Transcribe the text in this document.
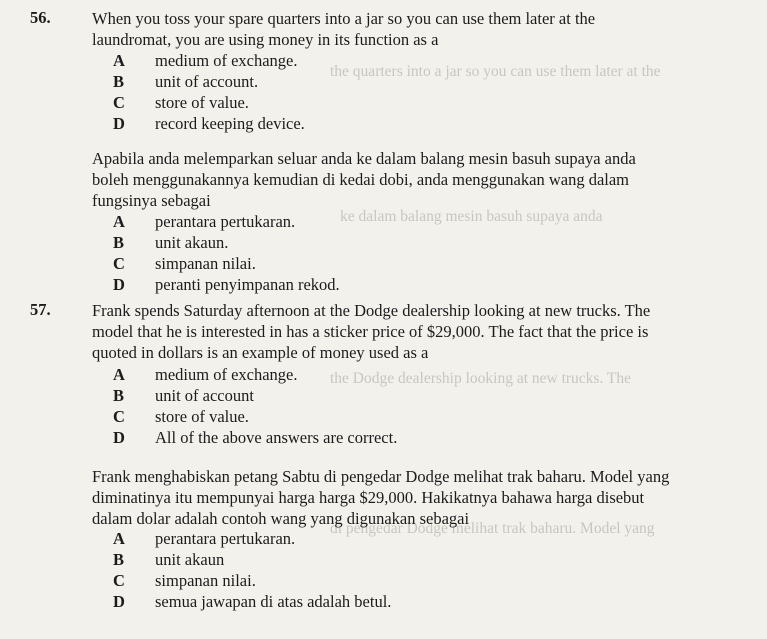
the quarters into a jar so you can use them later at the
ke dalam balang mesin basuh supaya anda
the Dodge dealership looking at new trucks. The
di pengedar Dodge melihat trak baharu. Model yang
56.	When you toss your spare quarters into a jar so you can use them later at the
laundromat, you are using money in its function as a
A medium of exchange.
B unit of account.
C store of value.
D record keeping device.
Apabila anda melemparkan seluar anda ke dalam balang mesin basuh supaya anda
boleh menggunakannya kemudian di kedai dobi, anda menggunakan wang dalam
fungsinya sebagai
A perantara pertukaran.
B unit akaun.
C simpanan nilai.
D peranti penyimpanan rekod.
57.	Frank spends Saturday afternoon at the Dodge dealership looking at new trucks. The
model that he is interested in has a sticker price of $29,000. The fact that the price is
quoted in dollars is an example of money used as a
A medium of exchange.
B unit of account
C store of value.
D All of the above answers are correct.
Frank menghabiskan petang Sabtu di pengedar Dodge melihat trak baharu. Model yang
diminatinya itu mempunyai harga harga $29,000. Hakikatnya bahawa harga disebut
dalam dolar adalah contoh wang yang digunakan sebagai
A perantara pertukaran.
B unit akaun
C simpanan nilai.
D semua jawapan di atas adalah betul.
